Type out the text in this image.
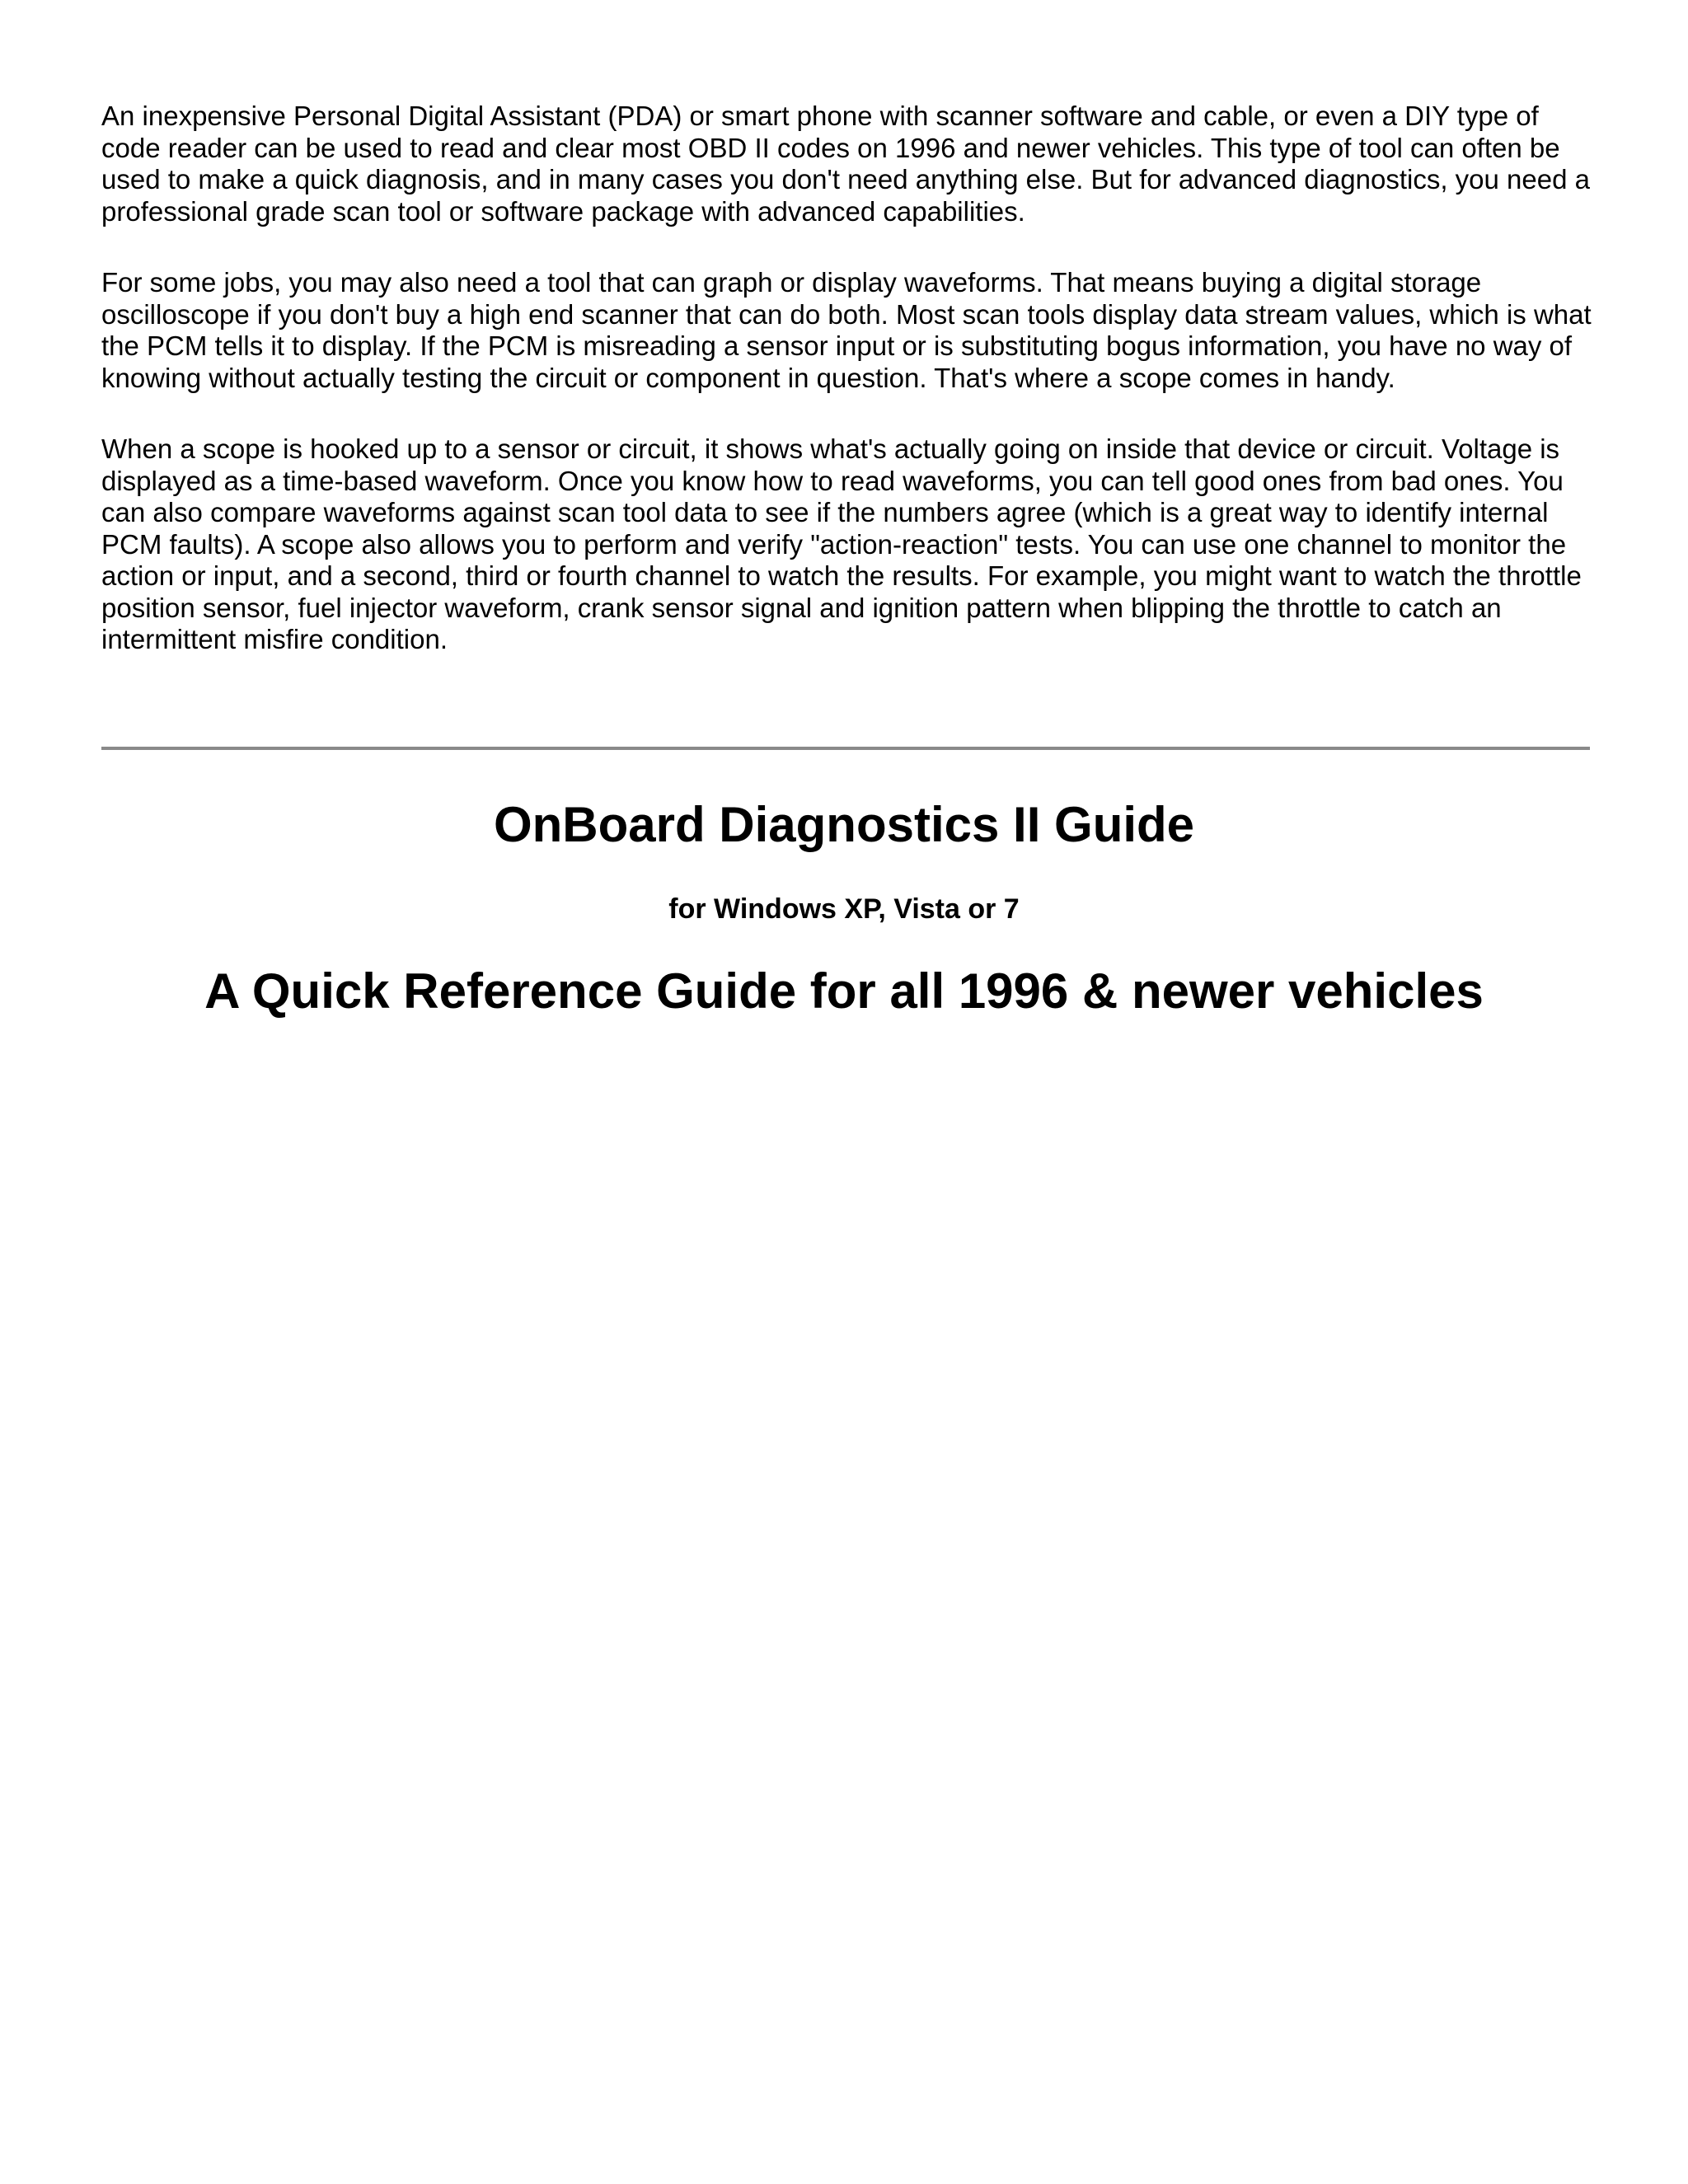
An inexpensive Personal Digital Assistant (PDA) or smart phone with scanner software and cable, or even a DIY type of code reader can be used to read and clear most OBD II codes on 1996 and newer vehicles. This type of tool can often be used to make a quick diagnosis, and in many cases you don't need anything else. But for advanced diagnostics, you need a professional grade scan tool or software package with advanced capabilities.

For some jobs, you may also need a tool that can graph or display waveforms. That means buying a digital storage oscilloscope if you don't buy a high end scanner that can do both. Most scan tools display data stream values, which is what the PCM tells it to display. If the PCM is misreading a sensor input or is substituting bogus information, you have no way of knowing without actually testing the circuit or component in question. That's where a scope comes in handy.

When a scope is hooked up to a sensor or circuit, it shows what's actually going on inside that device or circuit. Voltage is displayed as a time-based waveform. Once you know how to read waveforms, you can tell good ones from bad ones. You can also compare waveforms against scan tool data to see if the numbers agree (which is a great way to identify internal PCM faults). A scope also allows you to perform and verify "action-reaction" tests. You can use one channel to monitor the action or input, and a second, third or fourth channel to watch the results. For example, you might want to watch the throttle position sensor, fuel injector waveform, crank sensor signal and ignition pattern when blipping the throttle to catch an intermittent misfire condition.

OnBoard Diagnostics II Guide
for Windows XP, Vista or 7
A Quick Reference Guide for all 1996 & newer vehicles
